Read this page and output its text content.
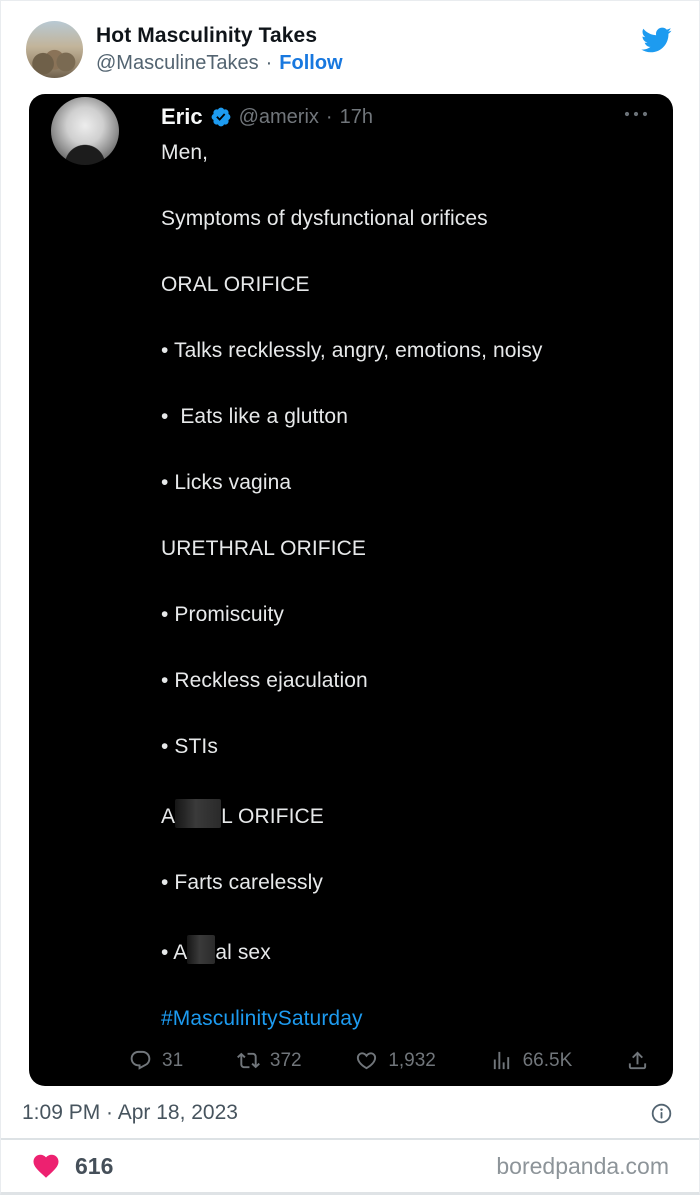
Hot Masculinity Takes
@MasculineTakes · Follow
Eric @amerix · 17h

Men,

Symptoms of dysfunctional orifices

ORAL ORIFICE

• Talks recklessly, angry, emotions, noisy

•  Eats like a glutton

• Licks vagina

URETHRAL ORIFICE

• Promiscuity

• Reckless ejaculation

• STIs

A L ORIFICE

• Farts carelessly

• A al sex

#MasculinitySaturday

31	372	1,932	66.5K
1:09 PM · Apr 18, 2023
616	boredpanda.com
